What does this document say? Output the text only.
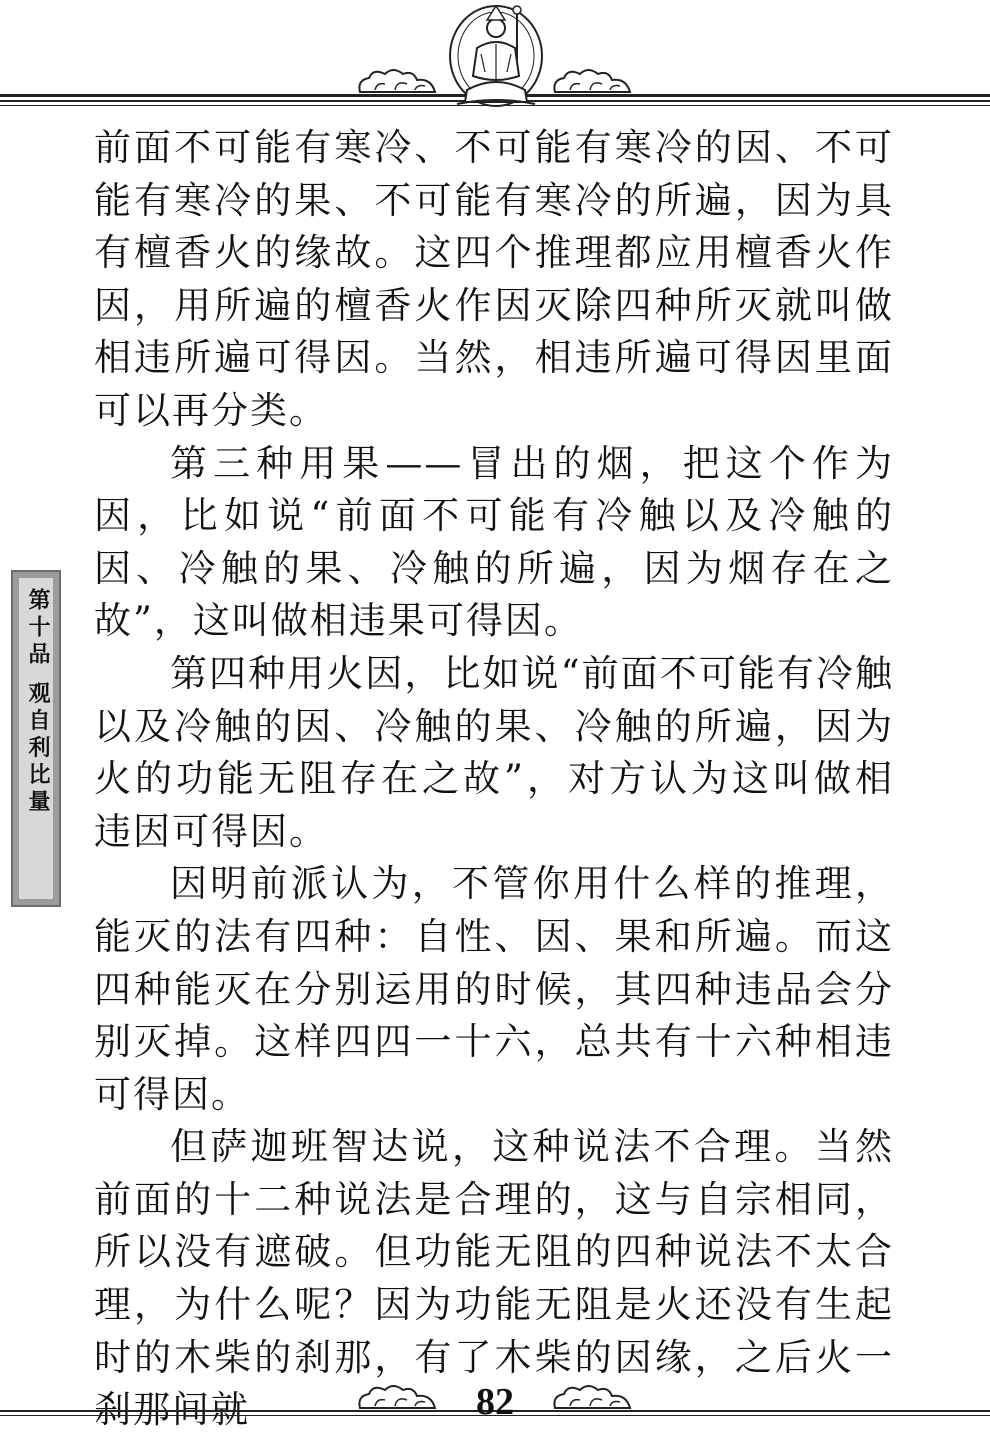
前面不可能有寒冷、不可能有寒冷的因、不可能有寒冷的果、不可能有寒冷的所遍，因为具有檀香火的缘故。这四个推理都应用檀香火作因，用所遍的檀香火作因灭除四种所灭就叫做相违所遍可得因。当然，相违所遍可得因里面可以再分类。

第三种用果——冒出的烟，把这个作为因，比如说“前面不可能有冷触以及冷触的因、冷触的果、冷触的所遍，因为烟存在之故”，这叫做相违果可得因。

第四种用火因，比如说“前面不可能有冷触以及冷触的因、冷触的果、冷触的所遍，因为火的功能无阻存在之故”，对方认为这叫做相违因可得因。

因明前派认为，不管你用什么样的推理，能灭的法有四种：自性、因、果和所遍。而这四种能灭在分别运用的时候，其四种违品会分别灭掉。这样四四一十六，总共有十六种相违可得因。

但萨迦班智达说，这种说法不合理。当然前面的十二种说法是合理的，这与自宗相同，所以没有遮破。但功能无阻的四种说法不太合理，为什么呢？因为功能无阻是火还没有生起时的木柴的刹那，有了木柴的因缘，之后火一

第十品 观自利比量
82
